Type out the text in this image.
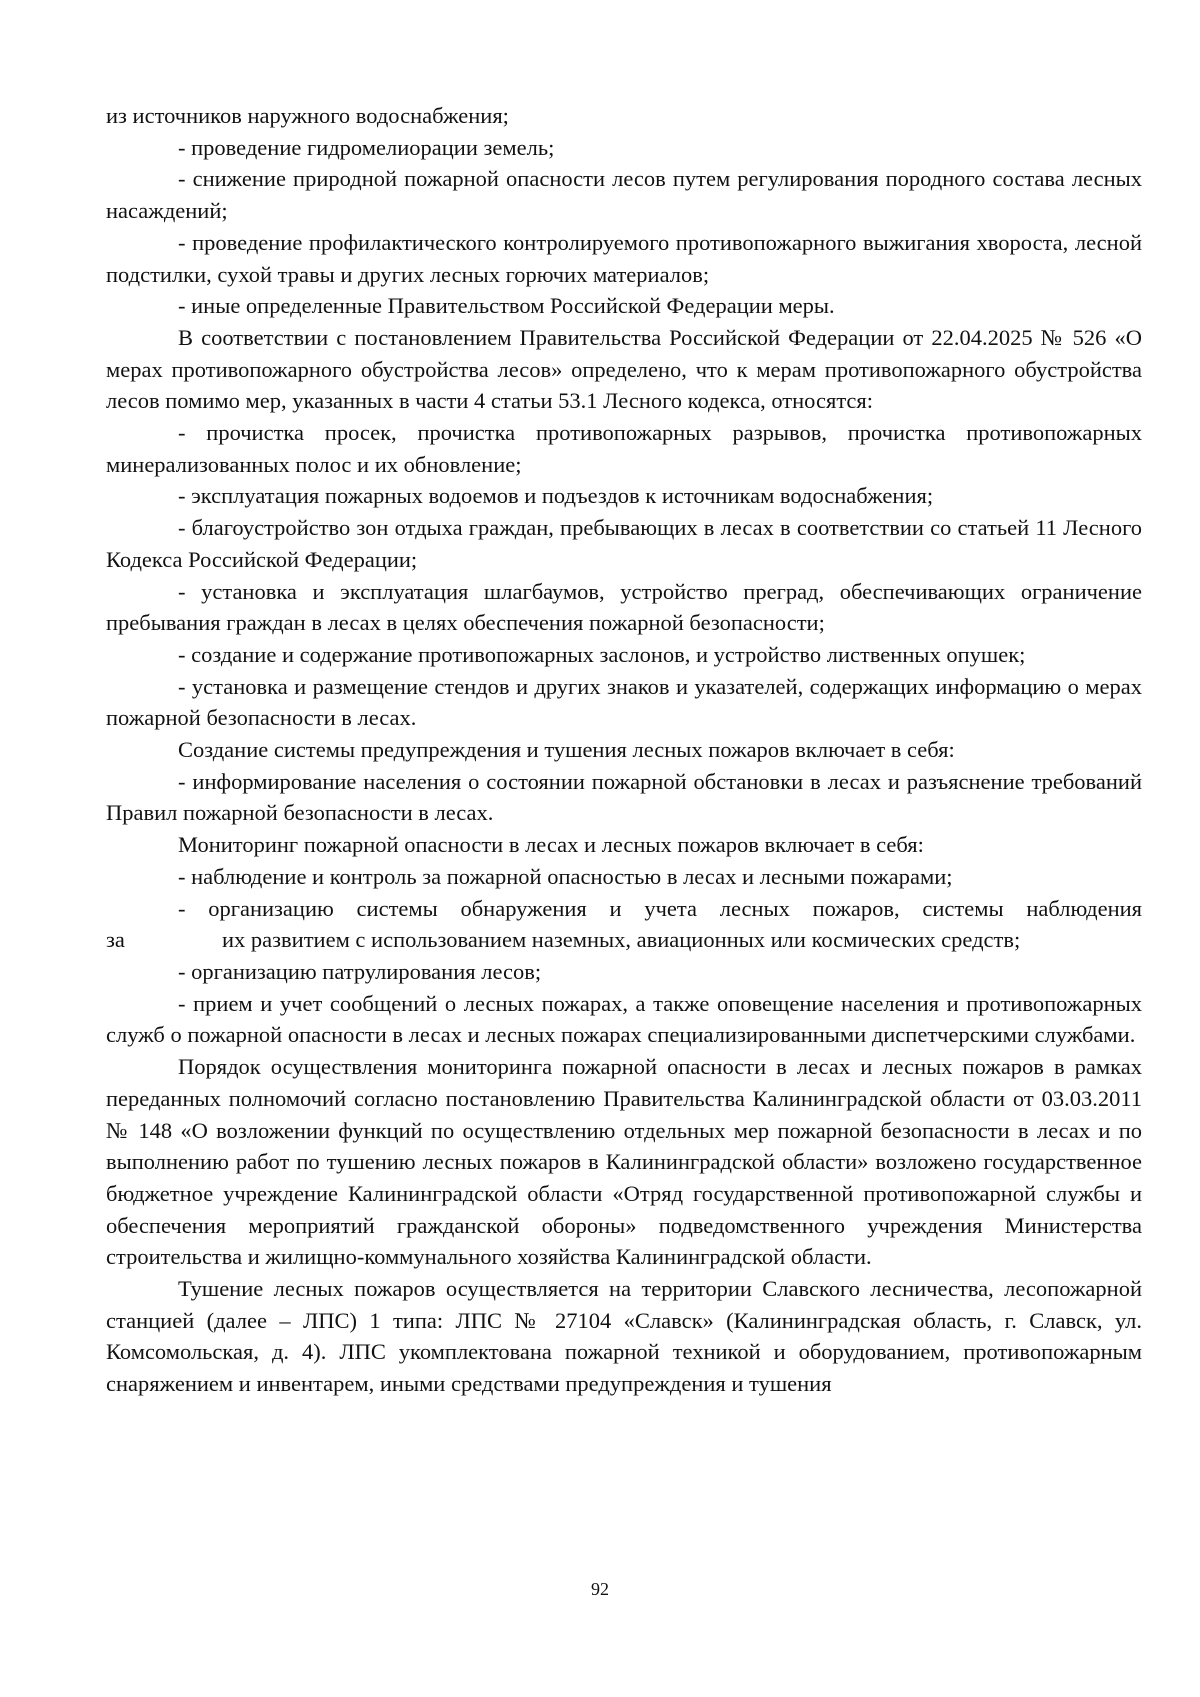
из источников наружного водоснабжения;

- проведение гидромелиорации земель;

- снижение природной пожарной опасности лесов путем регулирования породного состава лесных насаждений;

- проведение профилактического контролируемого противопожарного выжигания хвороста, лесной подстилки, сухой травы и других лесных горючих материалов;

- иные определенные Правительством Российской Федерации меры.

В соответствии с постановлением Правительства Российской Федерации от 22.04.2025 № 526 «О мерах противопожарного обустройства лесов» определено, что к мерам противопожарного обустройства лесов помимо мер, указанных в части 4 статьи 53.1 Лесного кодекса, относятся:

- прочистка просек, прочистка противопожарных разрывов, прочистка противопожарных минерализованных полос и их обновление;

- эксплуатация пожарных водоемов и подъездов к источникам водоснабжения;

- благоустройство зон отдыха граждан, пребывающих в лесах в соответствии со статьей 11 Лесного Кодекса Российской Федерации;

- установка и эксплуатация шлагбаумов, устройство преград, обеспечивающих ограничение пребывания граждан в лесах в целях обеспечения пожарной безопасности;

- создание и содержание противопожарных заслонов, и устройство лиственных опушек;

- установка и размещение стендов и других знаков и указателей, содержащих информацию о мерах пожарной безопасности в лесах.

Создание системы предупреждения и тушения лесных пожаров включает в себя:

- информирование населения о состоянии пожарной обстановки в лесах и разъяснение требований Правил пожарной безопасности в лесах.

Мониторинг пожарной опасности в лесах и лесных пожаров включает в себя:

- наблюдение и контроль за пожарной опасностью в лесах и лесными пожарами;

- организацию системы обнаружения и учета лесных пожаров, системы наблюдения

за	их развитием с использованием наземных, авиационных или космических средств;

- организацию патрулирования лесов;

- прием и учет сообщений о лесных пожарах, а также оповещение населения и противопожарных служб о пожарной опасности в лесах и лесных пожарах специализированными диспетчерскими службами.

Порядок осуществления мониторинга пожарной опасности в лесах и лесных пожаров в рамках переданных полномочий согласно постановлению Правительства Калининградской области от 03.03.2011 № 148 «О возложении функций по осуществлению отдельных мер пожарной безопасности в лесах и по выполнению работ по тушению лесных пожаров в Калининградской области» возложено государственное бюджетное учреждение Калининградской области «Отряд государственной противопожарной службы и обеспечения мероприятий гражданской обороны» подведомственного учреждения Министерства строительства и жилищно-коммунального хозяйства Калининградской области.

Тушение лесных пожаров осуществляется на территории Славского лесничества, лесопожарной станцией (далее – ЛПС) 1 типа: ЛПС № 27104 «Славск» (Калининградская область, г. Славск, ул. Комсомольская, д. 4). ЛПС укомплектована пожарной техникой и оборудованием, противопожарным снаряжением и инвентарем, иными средствами предупреждения и тушения

92
